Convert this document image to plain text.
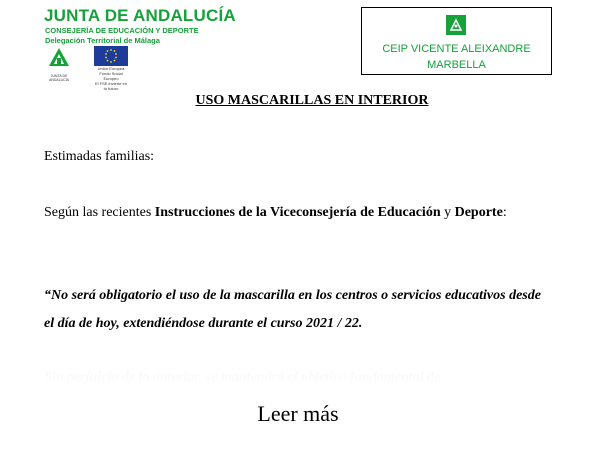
JUNTA DE ANDALUCÍA
CONSEJERÍA DE EDUCACIÓN Y DEPORTE
Delegación Territorial de Málaga
JUNTA DE ANDALUCÍA
Unión Europea
Fondo Social Europeo
El FSE invierte en tu futuro
CEIP VICENTE ALEIXANDRE
MARBELLA
USO MASCARILLAS EN INTERIOR
Estimadas familias:
Según las recientes Instrucciones de la Viceconsejería de Educación y Deporte:
“No será obligatorio el uso de la mascarilla en los centros o servicios educativos desde el día de hoy, extendiéndose durante el curso 2021 / 22.
Leer más
